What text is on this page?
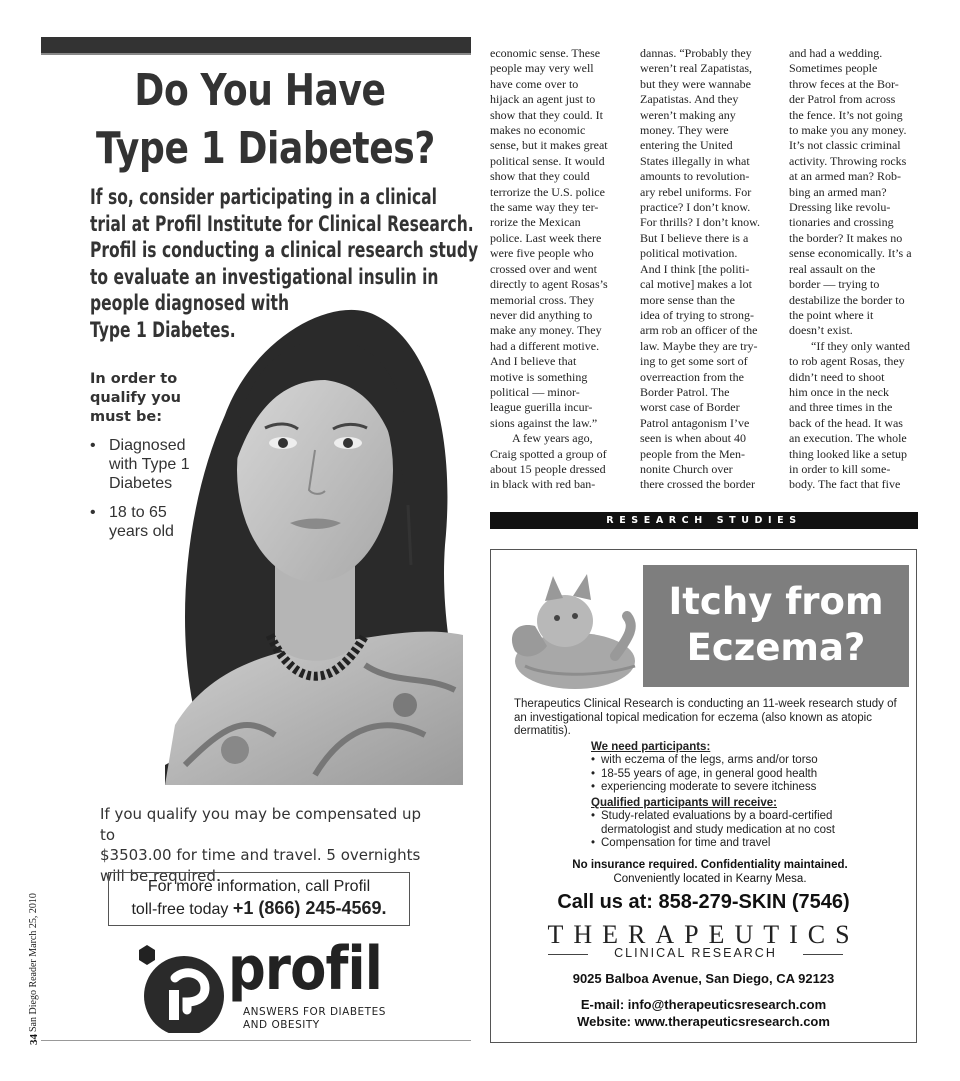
Do You Have
Type 1 Diabetes?
If so, consider participating in a clinical
trial at Profil Institute for Clinical Research.
Profil is conducting a clinical research study
to evaluate an investigational insulin in
people diagnosed with
Type 1 Diabetes.
In order to
qualify you
must be:
• Diagnosed
with Type 1
Diabetes
• 18 to 65
years old
If you qualify you may be compensated up to
$3503.00 for time and travel. 5 overnights
will be required.
For more information, call Profil
toll-free today +1 (866) 245-4569.
profil
ANSWERS FOR DIABETES
AND OBESITY
34
San Diego Reader March 25, 2010
economic sense. These
people may very well
have come over to
hijack an agent just to
show that they could. It
makes no economic
sense, but it makes great
political sense. It would
show that they could
terrorize the U.S. police
the same way they ter-
rorize the Mexican
police. Last week there
were five people who
crossed over and went
directly to agent Rosas’s
memorial cross. They
never did anything to
make any money. They
had a different motive.
And I believe that
motive is something
political — minor-
league guerilla incur-
sions against the law.”
A few years ago,
Craig spotted a group of
about 15 people dressed
in black with red ban-
dannas. “Probably they
weren’t real Zapatistas,
but they were wannabe
Zapatistas. And they
weren’t making any
money. They were
entering the United
States illegally in what
amounts to revolution-
ary rebel uniforms. For
practice? I don’t know.
For thrills? I don’t know.
But I believe there is a
political motivation.
And I think [the politi-
cal motive] makes a lot
more sense than the
idea of trying to strong-
arm rob an officer of the
law. Maybe they are try-
ing to get some sort of
overreaction from the
Border Patrol. The
worst case of Border
Patrol antagonism I’ve
seen is when about 40
people from the Men-
nonite Church over
there crossed the border
and had a wedding.
Sometimes people
throw feces at the Bor-
der Patrol from across
the fence. It’s not going
to make you any money.
It’s not classic criminal
activity. Throwing rocks
at an armed man? Rob-
bing an armed man?
Dressing like revolu-
tionaries and crossing
the border? It makes no
sense economically. It’s a
real assault on the
border — trying to
destabilize the border to
the point where it
doesn’t exist.
“If they only wanted
to rob agent Rosas, they
didn’t need to shoot
him once in the neck
and three times in the
back of the head. It was
an execution. The whole
thing looked like a setup
in order to kill some-
body. The fact that five
RESEARCH STUDIES
Itchy from
Eczema?
Therapeutics Clinical Research is conducting an 11-week research study of an investigational topical medication for eczema (also known as atopic dermatitis).
We need participants:
• with eczema of the legs, arms and/or torso
• 18-55 years of age, in general good health
• experiencing moderate to severe itchiness
Qualified participants will receive:
• Study-related evaluations by a board-certified
dermatologist and study medication at no cost
• Compensation for time and travel
No insurance required. Confidentiality maintained.
Conveniently located in Kearny Mesa.
Call us at: 858-279-SKIN (7546)
THERAPEUTICS
CLINICAL RESEARCH
9025 Balboa Avenue, San Diego, CA 92123
E-mail: info@therapeuticsresearch.com
Website: www.therapeuticsresearch.com
